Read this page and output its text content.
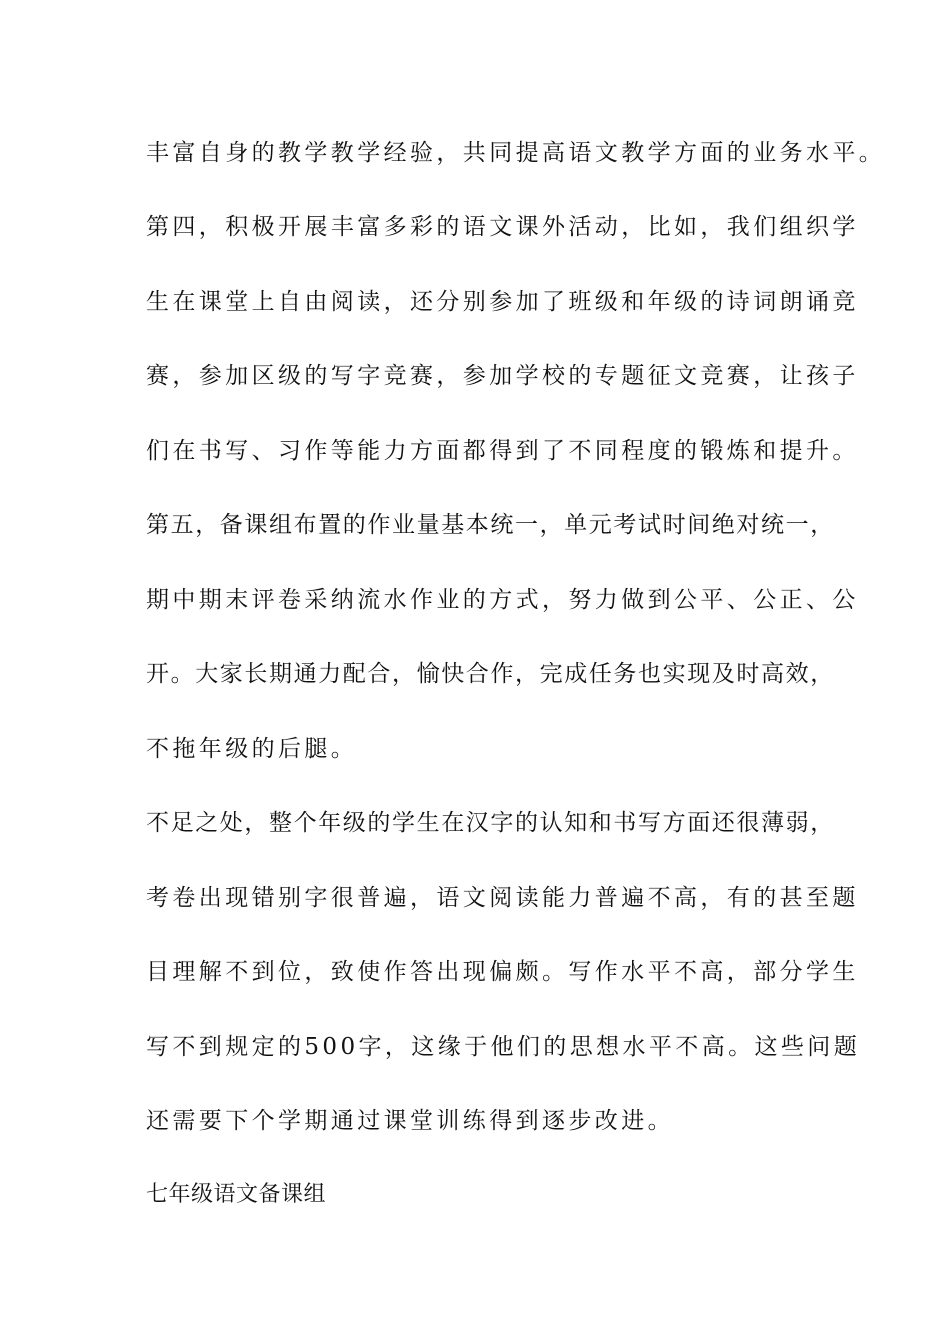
丰富自身的教学教学经验，共同提高语文教学方面的业务水平。

第四，积极开展丰富多彩的语文课外活动，比如，我们组织学

生在课堂上自由阅读，还分别参加了班级和年级的诗词朗诵竞

赛，参加区级的写字竞赛，参加学校的专题征文竞赛，让孩子

们在书写、习作等能力方面都得到了不同程度的锻炼和提升。

第五，备课组布置的作业量基本统一，单元考试时间绝对统一，

期中期末评卷采纳流水作业的方式，努力做到公平、公正、公

开。大家长期通力配合，愉快合作，完成任务也实现及时高效，

不拖年级的后腿。

不足之处，整个年级的学生在汉字的认知和书写方面还很薄弱，

考卷出现错别字很普遍，语文阅读能力普遍不高，有的甚至题

目理解不到位，致使作答出现偏颇。写作水平不高，部分学生

写不到规定的500字，这缘于他们的思想水平不高。这些问题

还需要下个学期通过课堂训练得到逐步改进。

七年级语文备课组
